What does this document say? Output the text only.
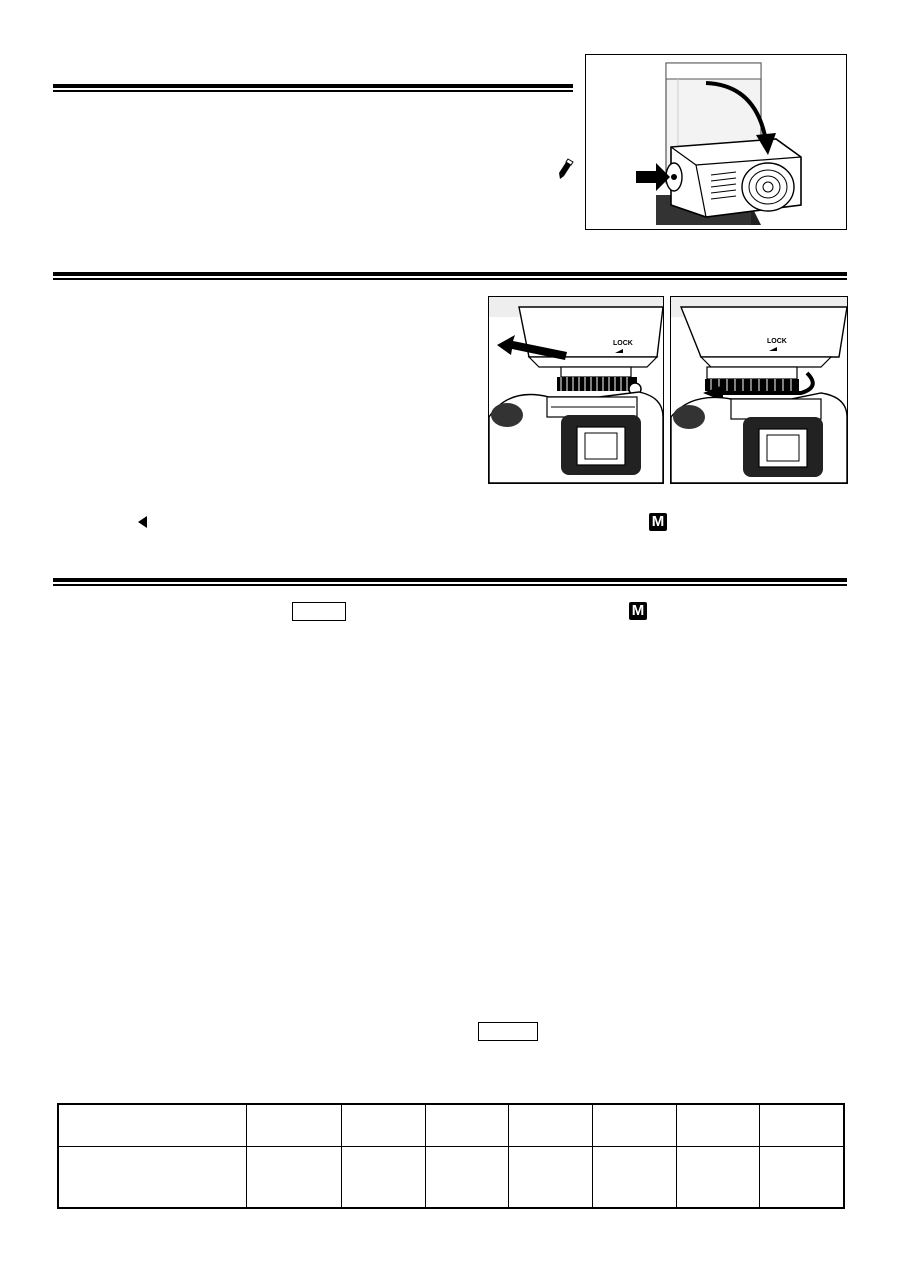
LOCK	LOCK
M
M
